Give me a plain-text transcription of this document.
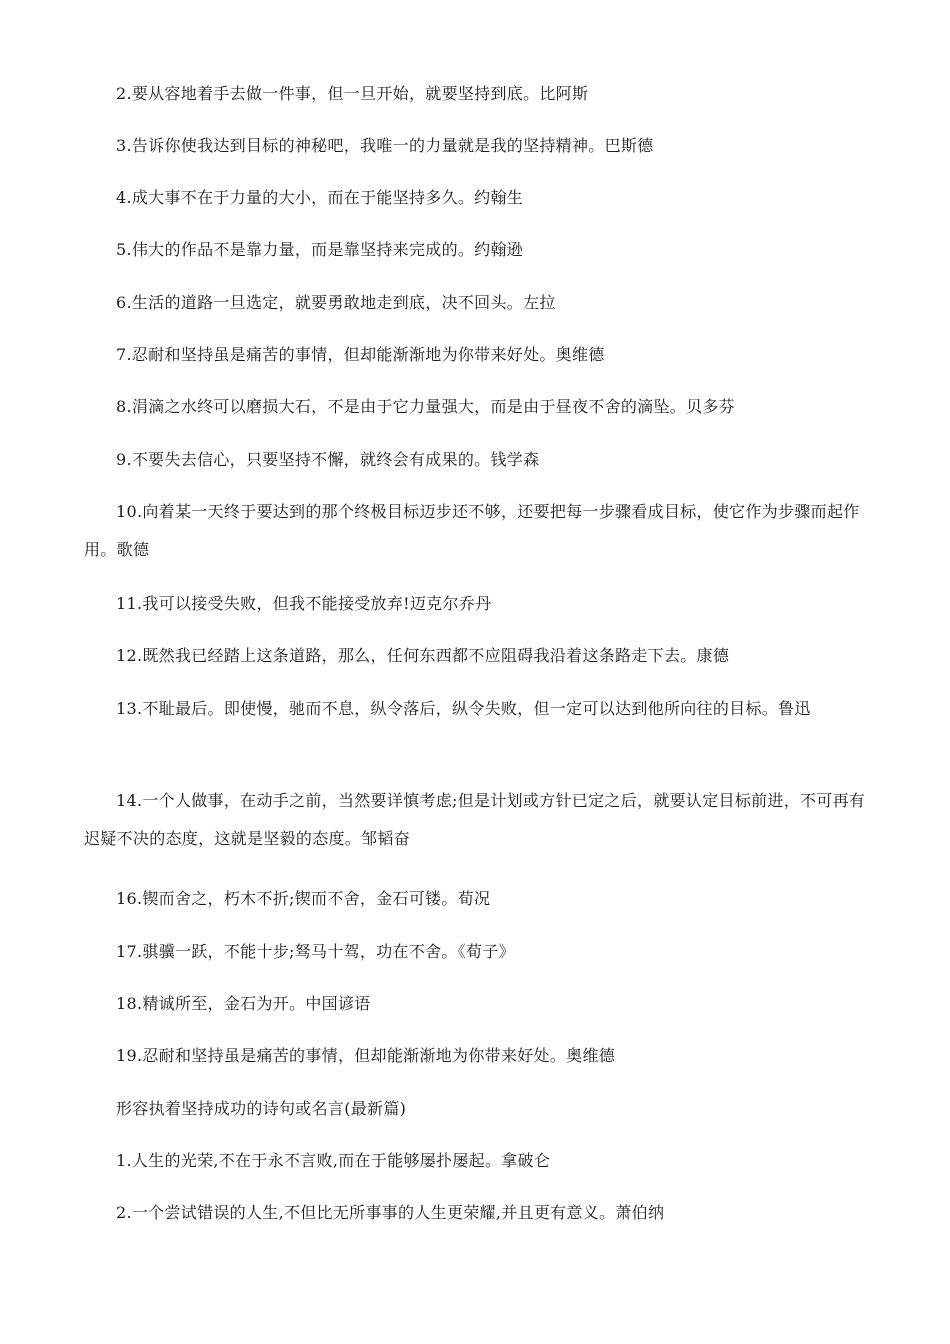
2.要从容地着手去做一件事，但一旦开始，就要坚持到底。比阿斯

3.告诉你使我达到目标的神秘吧，我唯一的力量就是我的坚持精神。巴斯德

4.成大事不在于力量的大小，而在于能坚持多久。约翰生

5.伟大的作品不是靠力量，而是靠坚持来完成的。约翰逊

6.生活的道路一旦选定，就要勇敢地走到底，决不回头。左拉

7.忍耐和坚持虽是痛苦的事情，但却能渐渐地为你带来好处。奥维德

8.涓滴之水终可以磨损大石，不是由于它力量强大，而是由于昼夜不舍的滴坠。贝多芬

9.不要失去信心，只要坚持不懈，就终会有成果的。钱学森

10.向着某一天终于要达到的那个终极目标迈步还不够，还要把每一步骤看成目标，使它作为步骤而起作用。歌德

11.我可以接受失败，但我不能接受放弃!迈克尔乔丹

12.既然我已经踏上这条道路，那么，任何东西都不应阻碍我沿着这条路走下去。康德

13.不耻最后。即使慢，驰而不息，纵令落后，纵令失败，但一定可以达到他所向往的目标。鲁迅

14.一个人做事，在动手之前，当然要详慎考虑;但是计划或方针已定之后，就要认定目标前进，不可再有迟疑不决的态度，这就是坚毅的态度。邹韬奋

16.锲而舍之，朽木不折;锲而不舍，金石可镂。荀况

17.骐骥一跃，不能十步;驽马十驾，功在不舍。《荀子》

18.精诚所至，金石为开。中国谚语

19.忍耐和坚持虽是痛苦的事情，但却能渐渐地为你带来好处。奥维德

形容执着坚持成功的诗句或名言(最新篇)

1.人生的光荣,不在于永不言败,而在于能够屡扑屡起。拿破仑

2.一个尝试错误的人生,不但比无所事事的人生更荣耀,并且更有意义。萧伯纳
